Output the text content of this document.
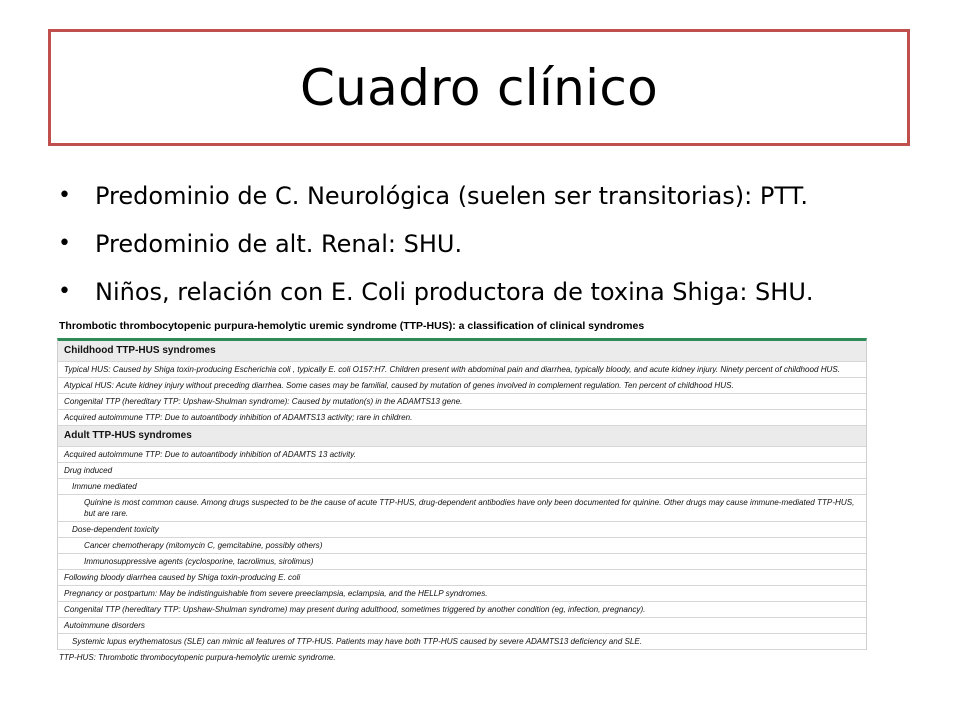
Cuadro clínico
• Predominio de C. Neurológica (suelen ser transitorias): PTT.
• Predominio de alt. Renal: SHU.
• Niños, relación con E. Coli productora de toxina Shiga: SHU.
Thrombotic thrombocytopenic purpura-hemolytic uremic syndrome (TTP-HUS): a classification of clinical syndromes
Childhood TTP-HUS syndromes
Typical HUS: Caused by Shiga toxin-producing Escherichia coli , typically E. coli O157:H7. Children present with abdominal pain and diarrhea, typically bloody, and acute kidney injury. Ninety percent of childhood HUS.
Atypical HUS: Acute kidney injury without preceding diarrhea. Some cases may be familial, caused by mutation of genes involved in complement regulation. Ten percent of childhood HUS.
Congenital TTP (hereditary TTP: Upshaw-Shulman syndrome): Caused by mutation(s) in the ADAMTS13 gene.
Acquired autoimmune TTP: Due to autoantibody inhibition of ADAMTS13 activity; rare in children.
Adult TTP-HUS syndromes
Acquired autoimmune TTP: Due to autoantibody inhibition of ADAMTS 13 activity.
Drug induced
Immune mediated
Quinine is most common cause. Among drugs suspected to be the cause of acute TTP-HUS, drug-dependent antibodies have only been documented for quinine. Other drugs may cause immune-mediated TTP-HUS, but are rare.
Dose-dependent toxicity
Cancer chemotherapy (mitomycin C, gemcitabine, possibly others)
Immunosuppressive agents (cyclosporine, tacrolimus, sirolimus)
Following bloody diarrhea caused by Shiga toxin-producing E. coli
Pregnancy or postpartum: May be indistinguishable from severe preeclampsia, eclampsia, and the HELLP syndromes.
Congenital TTP (hereditary TTP: Upshaw-Shulman syndrome) may present during adulthood, sometimes triggered by another condition (eg, infection, pregnancy).
Autoimmune disorders
Systemic lupus erythematosus (SLE) can mimic all features of TTP-HUS. Patients may have both TTP-HUS caused by severe ADAMTS13 deficiency and SLE.
TTP-HUS: Thrombotic thrombocytopenic purpura-hemolytic uremic syndrome.
